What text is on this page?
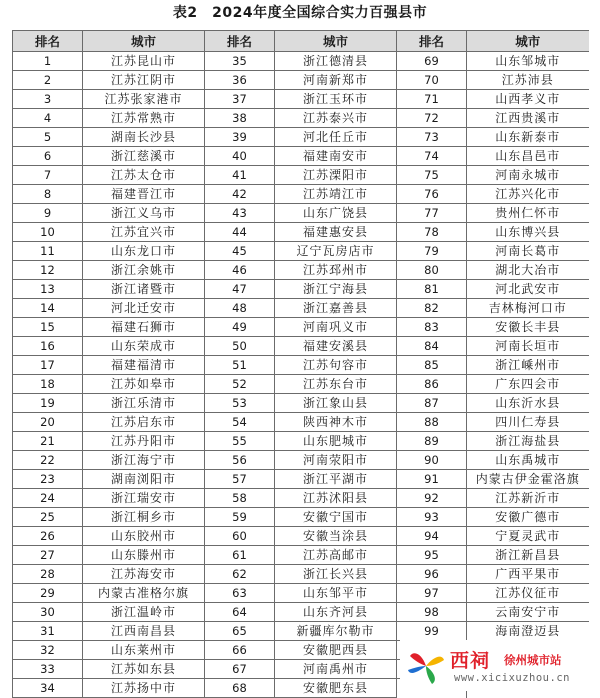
表2　2024年度全国综合实力百强县市
排名	城市	排名	城市	排名	城市
1	江苏昆山市	35	浙江德清县	69	山东邹城市
2	江苏江阴市	36	河南新郑市	70	江苏沛县
3	江苏张家港市	37	浙江玉环市	71	山西孝义市
4	江苏常熟市	38	江苏泰兴市	72	江西贵溪市
5	湖南长沙县	39	河北任丘市	73	山东新泰市
6	浙江慈溪市	40	福建南安市	74	山东昌邑市
7	江苏太仓市	41	江苏溧阳市	75	河南永城市
8	福建晋江市	42	江苏靖江市	76	江苏兴化市
9	浙江义乌市	43	山东广饶县	77	贵州仁怀市
10	江苏宜兴市	44	福建惠安县	78	山东博兴县
11	山东龙口市	45	辽宁瓦房店市	79	河南长葛市
12	浙江余姚市	46	江苏邳州市	80	湖北大冶市
13	浙江诸暨市	47	浙江宁海县	81	河北武安市
14	河北迁安市	48	浙江嘉善县	82	吉林梅河口市
15	福建石狮市	49	河南巩义市	83	安徽长丰县
16	山东荣成市	50	福建安溪县	84	河南长垣市
17	福建福清市	51	江苏句容市	85	浙江嵊州市
18	江苏如皋市	52	江苏东台市	86	广东四会市
19	浙江乐清市	53	浙江象山县	87	山东沂水县
20	江苏启东市	54	陕西神木市	88	四川仁寿县
21	江苏丹阳市	55	山东肥城市	89	浙江海盐县
22	浙江海宁市	56	河南荥阳市	90	山东禹城市
23	湖南浏阳市	57	浙江平湖市	91	内蒙古伊金霍洛旗
24	浙江瑞安市	58	江苏沭阳县	92	江苏新沂市
25	浙江桐乡市	59	安徽宁国市	93	安徽广德市
26	山东胶州市	60	安徽当涂县	94	宁夏灵武市
27	山东滕州市	61	江苏高邮市	95	浙江新昌县
28	江苏海安市	62	浙江长兴县	96	广西平果市
29	内蒙古准格尔旗	63	山东邹平市	97	江苏仪征市
30	浙江温岭市	64	山东齐河县	98	云南安宁市
31	江西南昌县	65	新疆库尔勒市	99	海南澄迈县
32	山东莱州市	66	安徽肥西县		
33	江苏如东县	67	河南禹州市		
34	江苏扬中市	68	安徽肥东县		
西祠 徐州城市站
www.xicixuzhou.cn
